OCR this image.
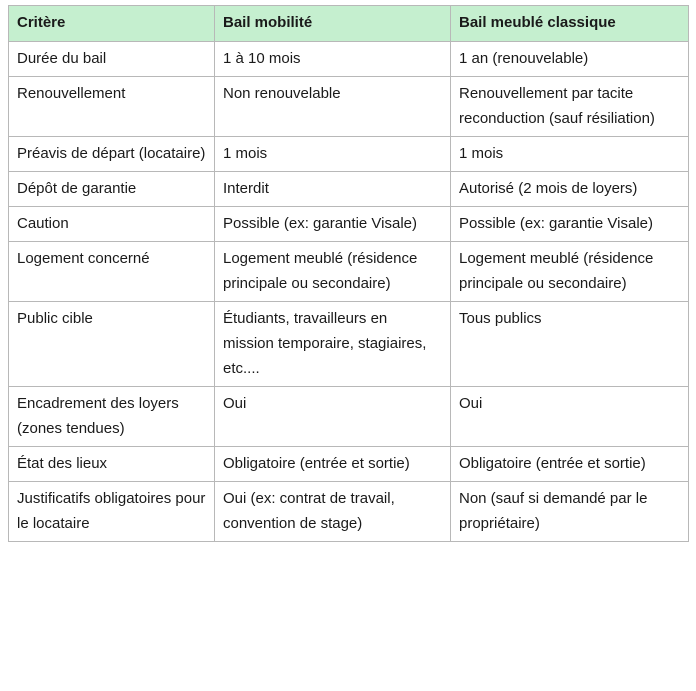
Critère	Bail mobilité	Bail meublé classique
Durée du bail	1 à 10 mois	1 an (renouvelable)
Renouvellement	Non renouvelable	Renouvellement par tacite reconduction (sauf résiliation)
Préavis de départ (locataire)	1 mois	1 mois
Dépôt de garantie	Interdit	Autorisé (2 mois de loyers)
Caution	Possible (ex: garantie Visale)	Possible (ex: garantie Visale)
Logement concerné	Logement meublé (résidence principale ou secondaire)	Logement meublé (résidence principale ou secondaire)
Public cible	Étudiants, travailleurs en mission temporaire, stagiaires, etc....	Tous publics
Encadrement des loyers (zones tendues)	Oui	Oui
État des lieux	Obligatoire (entrée et sortie)	Obligatoire (entrée et sortie)
Justificatifs obligatoires pour le locataire	Oui (ex: contrat de travail, convention de stage)	Non (sauf si demandé par le propriétaire)
